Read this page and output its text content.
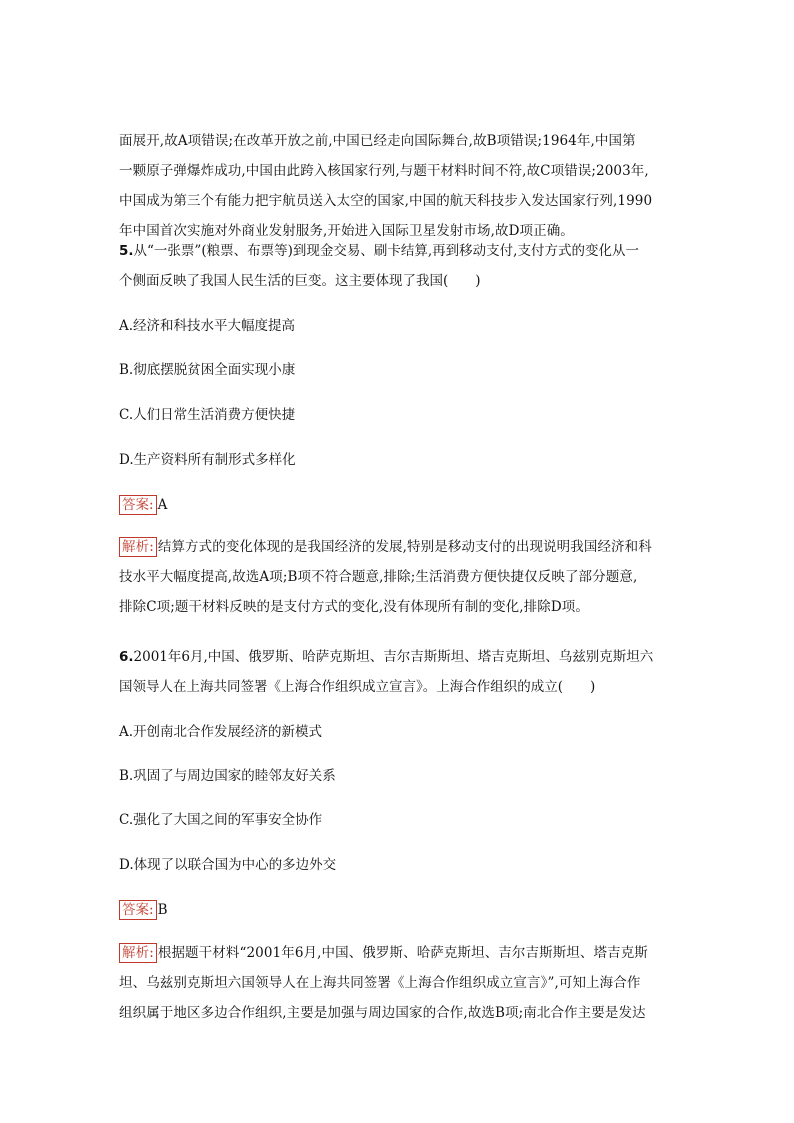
面展开,故A项错误;在改革开放之前,中国已经走向国际舞台,故B项错误;1964年,中国第
一颗原子弹爆炸成功,中国由此跨入核国家行列,与题干材料时间不符,故C项错误;2003年,
中国成为第三个有能力把宇航员送入太空的国家,中国的航天科技步入发达国家行列,1990
年中国首次实施对外商业发射服务,开始进入国际卫星发射市场,故D项正确。
5.从“一张票”(粮票、布票等)到现金交易、刷卡结算,再到移动支付,支付方式的变化从一
个侧面反映了我国人民生活的巨变。这主要体现了我国(　　)
A.经济和科技水平大幅度提高
B.彻底摆脱贫困全面实现小康
C.人们日常生活消费方便快捷
D.生产资料所有制形式多样化
答案: A
解析: 结算方式的变化体现的是我国经济的发展,特别是移动支付的出现说明我国经济和科
技水平大幅度提高,故选A项;B项不符合题意,排除;生活消费方便快捷仅反映了部分题意,
排除C项;题干材料反映的是支付方式的变化,没有体现所有制的变化,排除D项。
6.2001年6月,中国、俄罗斯、哈萨克斯坦、吉尔吉斯斯坦、塔吉克斯坦、乌兹别克斯坦六
国领导人在上海共同签署《上海合作组织成立宣言》。上海合作组织的成立(　　)
A.开创南北合作发展经济的新模式
B.巩固了与周边国家的睦邻友好关系
C.强化了大国之间的军事安全协作
D.体现了以联合国为中心的多边外交
答案: B
解析: 根据题干材料“2001年6月,中国、俄罗斯、哈萨克斯坦、吉尔吉斯斯坦、塔吉克斯
坦、乌兹别克斯坦六国领导人在上海共同签署《上海合作组织成立宣言》”,可知上海合作
组织属于地区多边合作组织,主要是加强与周边国家的合作,故选B项;南北合作主要是发达
